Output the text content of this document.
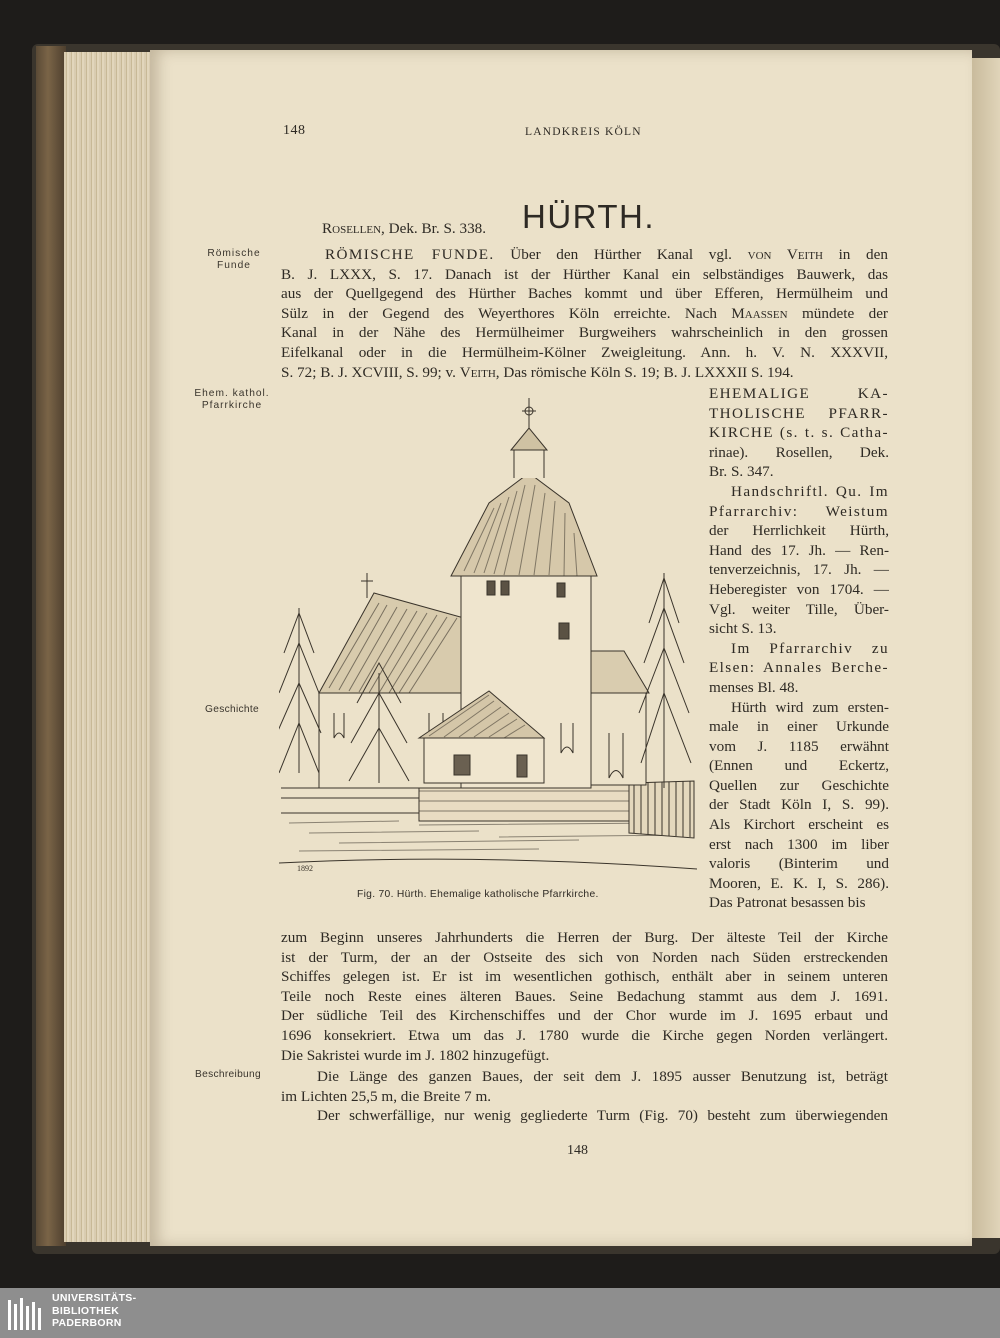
148	LANDKREIS KÖLN
HÜRTH.
Römische
Funde
Ehem. kathol.
Pfarrkirche
Geschichte
Beschreibung
Rosellen, Dek. Br. S. 338.
RÖMISCHE FUNDE. Über den Hürther Kanal vgl. von Veith in den
B. J. LXXX, S. 17. Danach ist der Hürther Kanal ein selbständiges Bauwerk, das
aus der Quellgegend des Hürther Baches kommt und über Efferen, Hermülheim und
Sülz in der Gegend des Weyerthores Köln erreichte. Nach Maassen mündete der
Kanal in der Nähe des Hermülheimer Burgweihers wahrscheinlich in den grossen
Eifelkanal oder in die Hermülheim-Kölner Zweigleitung. Ann. h. V. N. XXXVII,
S. 72; B. J. XCVIII, S. 99; v. Veith, Das römische Köln S. 19; B. J. LXXXII S. 194.
EHEMALIGE KA-
THOLISCHE PFARR-
KIRCHE (s. t. s. Catha-
rinae). Rosellen, Dek.
Br. S. 347.
Handschriftl. Qu. Im
Pfarrarchiv: Weistum
der Herrlichkeit Hürth,
Hand des 17. Jh. — Ren-
tenverzeichnis, 17. Jh. —
Heberegister von 1704. —
Vgl. weiter Tille, Über-
sicht S. 13.
Im Pfarrarchiv zu
Elsen: Annales Berche-
menses Bl. 48.
Hürth wird zum ersten-
male in einer Urkunde
vom J. 1185 erwähnt
(Ennen und Eckertz,
Quellen zur Geschichte
der Stadt Köln I, S. 99).
Als Kirchort erscheint es
erst nach 1300 im liber
valoris (Binterim und
Mooren, E. K. I, S. 286).
Das Patronat besassen bis
1892
Fig. 70. Hürth. Ehemalige katholische Pfarrkirche.
zum Beginn unseres Jahrhunderts die Herren der Burg. Der älteste Teil der Kirche
ist der Turm, der an der Ostseite des sich von Norden nach Süden erstreckenden
Schiffes gelegen ist. Er ist im wesentlichen gothisch, enthält aber in seinem unteren
Teile noch Reste eines älteren Baues. Seine Bedachung stammt aus dem J. 1691.
Der südliche Teil des Kirchenschiffes und der Chor wurde im J. 1695 erbaut und
1696 konsekriert. Etwa um das J. 1780 wurde die Kirche gegen Norden verlängert.
Die Sakristei wurde im J. 1802 hinzugefügt.
Die Länge des ganzen Baues, der seit dem J. 1895 ausser Benutzung ist, beträgt
im Lichten 25,5 m, die Breite 7 m.
Der schwerfällige, nur wenig gegliederte Turm (Fig. 70) besteht zum überwiegenden
148
UNIVERSITÄTS-
BIBLIOTHEK
PADERBORN
